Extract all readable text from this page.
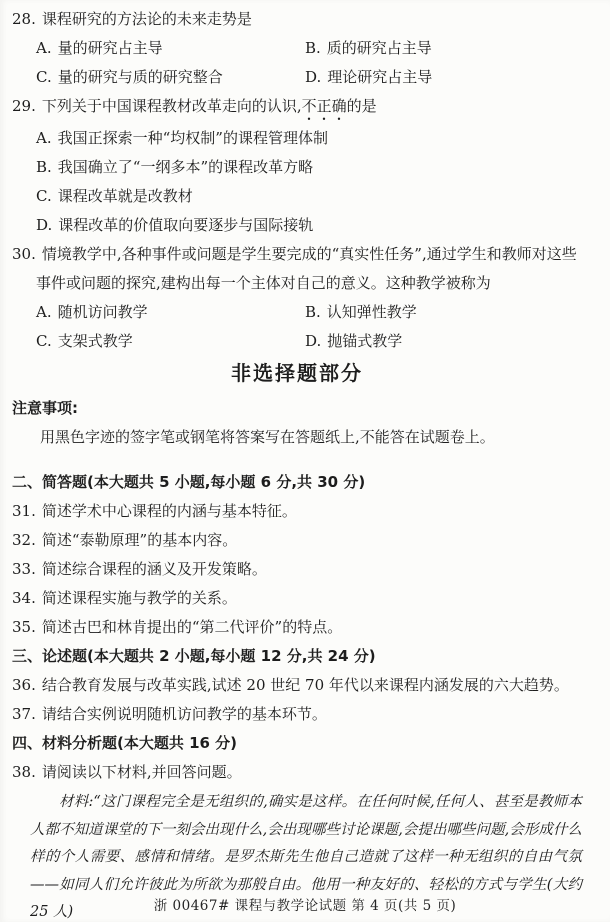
28. 课程研究的方法论的未来走势是
A. 量的研究占主导	B. 质的研究占主导
C. 量的研究与质的研究整合	D. 理论研究占主导
29. 下列关于中国课程教材改革走向的认识,不正确的是
A. 我国正探索一种“均权制”的课程管理体制
B. 我国确立了“一纲多本”的课程改革方略
C. 课程改革就是改教材
D. 课程改革的价值取向要逐步与国际接轨
30. 情境教学中,各种事件或问题是学生要完成的“真实性任务”,通过学生和教师对这些事件或问题的探究,建构出每一个主体对自己的意义。这种教学被称为
A. 随机访问教学	B. 认知弹性教学
C. 支架式教学	D. 抛锚式教学
非选择题部分
注意事项:
用黑色字迹的签字笔或钢笔将答案写在答题纸上,不能答在试题卷上。
二、简答题(本大题共 5 小题,每小题 6 分,共 30 分)
31. 简述学术中心课程的内涵与基本特征。
32. 简述“泰勒原理”的基本内容。
33. 简述综合课程的涵义及开发策略。
34. 简述课程实施与教学的关系。
35. 简述古巴和林肯提出的“第二代评价”的特点。
三、论述题(本大题共 2 小题,每小题 12 分,共 24 分)
36. 结合教育发展与改革实践,试述 20 世纪 70 年代以来课程内涵发展的六大趋势。
37. 请结合实例说明随机访问教学的基本环节。
四、材料分析题(本大题共 16 分)
38. 请阅读以下材料,并回答问题。
材料:“这门课程完全是无组织的,确实是这样。在任何时候,任何人、甚至是教师本人都不知道课堂的下一刻会出现什么,会出现哪些讨论课题,会提出哪些问题,会形成什么样的个人需要、感情和情绪。是罗杰斯先生他自己造就了这样一种无组织的自由气氛——如同人们允许彼此为所欲为那般自由。他用一种友好的、轻松的方式与学生(大约 25 人)	浙 00467# 课程与教学论试题 第 4 页(共 5 页)
